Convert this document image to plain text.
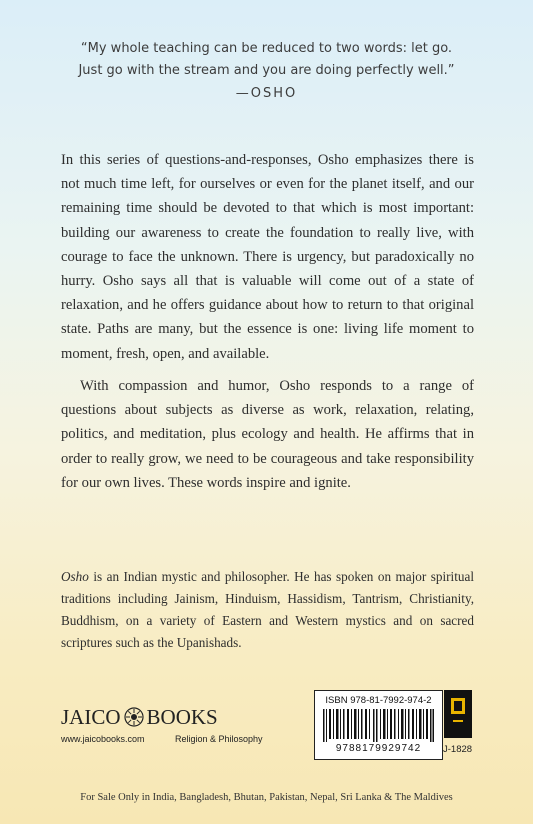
“My whole teaching can be reduced to two words: let go.
Just go with the stream and you are doing perfectly well.”
—OSHO

In this series of questions-and-responses, Osho emphasizes there is not much time left, for ourselves or even for the planet itself, and our remaining time should be devoted to that which is most important: building our awareness to create the foundation to really live, with courage to face the unknown. There is urgency, but paradoxically no hurry. Osho says all that is valuable will come out of a state of relaxation, and he offers guidance about how to return to that original state. Paths are many, but the essence is one: living life moment to moment, fresh, open, and available.

With compassion and humor, Osho responds to a range of questions about subjects as diverse as work, relaxation, relating, politics, and meditation, plus ecology and health. He affirms that in order to really grow, we need to be courageous and take responsibility for our own lives. These words inspire and ignite.

Osho is an Indian mystic and philosopher. He has spoken on major spiritual traditions including Jainism, Hinduism, Hassidism, Tantrism, Christianity, Buddhism, on a variety of Eastern and Western mystics and on sacred scriptures such as the Upanishads.

JAICO BOOKS
www.jaicobooks.com	Religion & Philosophy
ISBN 978-81-7992-974-2
9788179929742	J-1828
For Sale Only in India, Bangladesh, Bhutan, Pakistan, Nepal, Sri Lanka & The Maldives
